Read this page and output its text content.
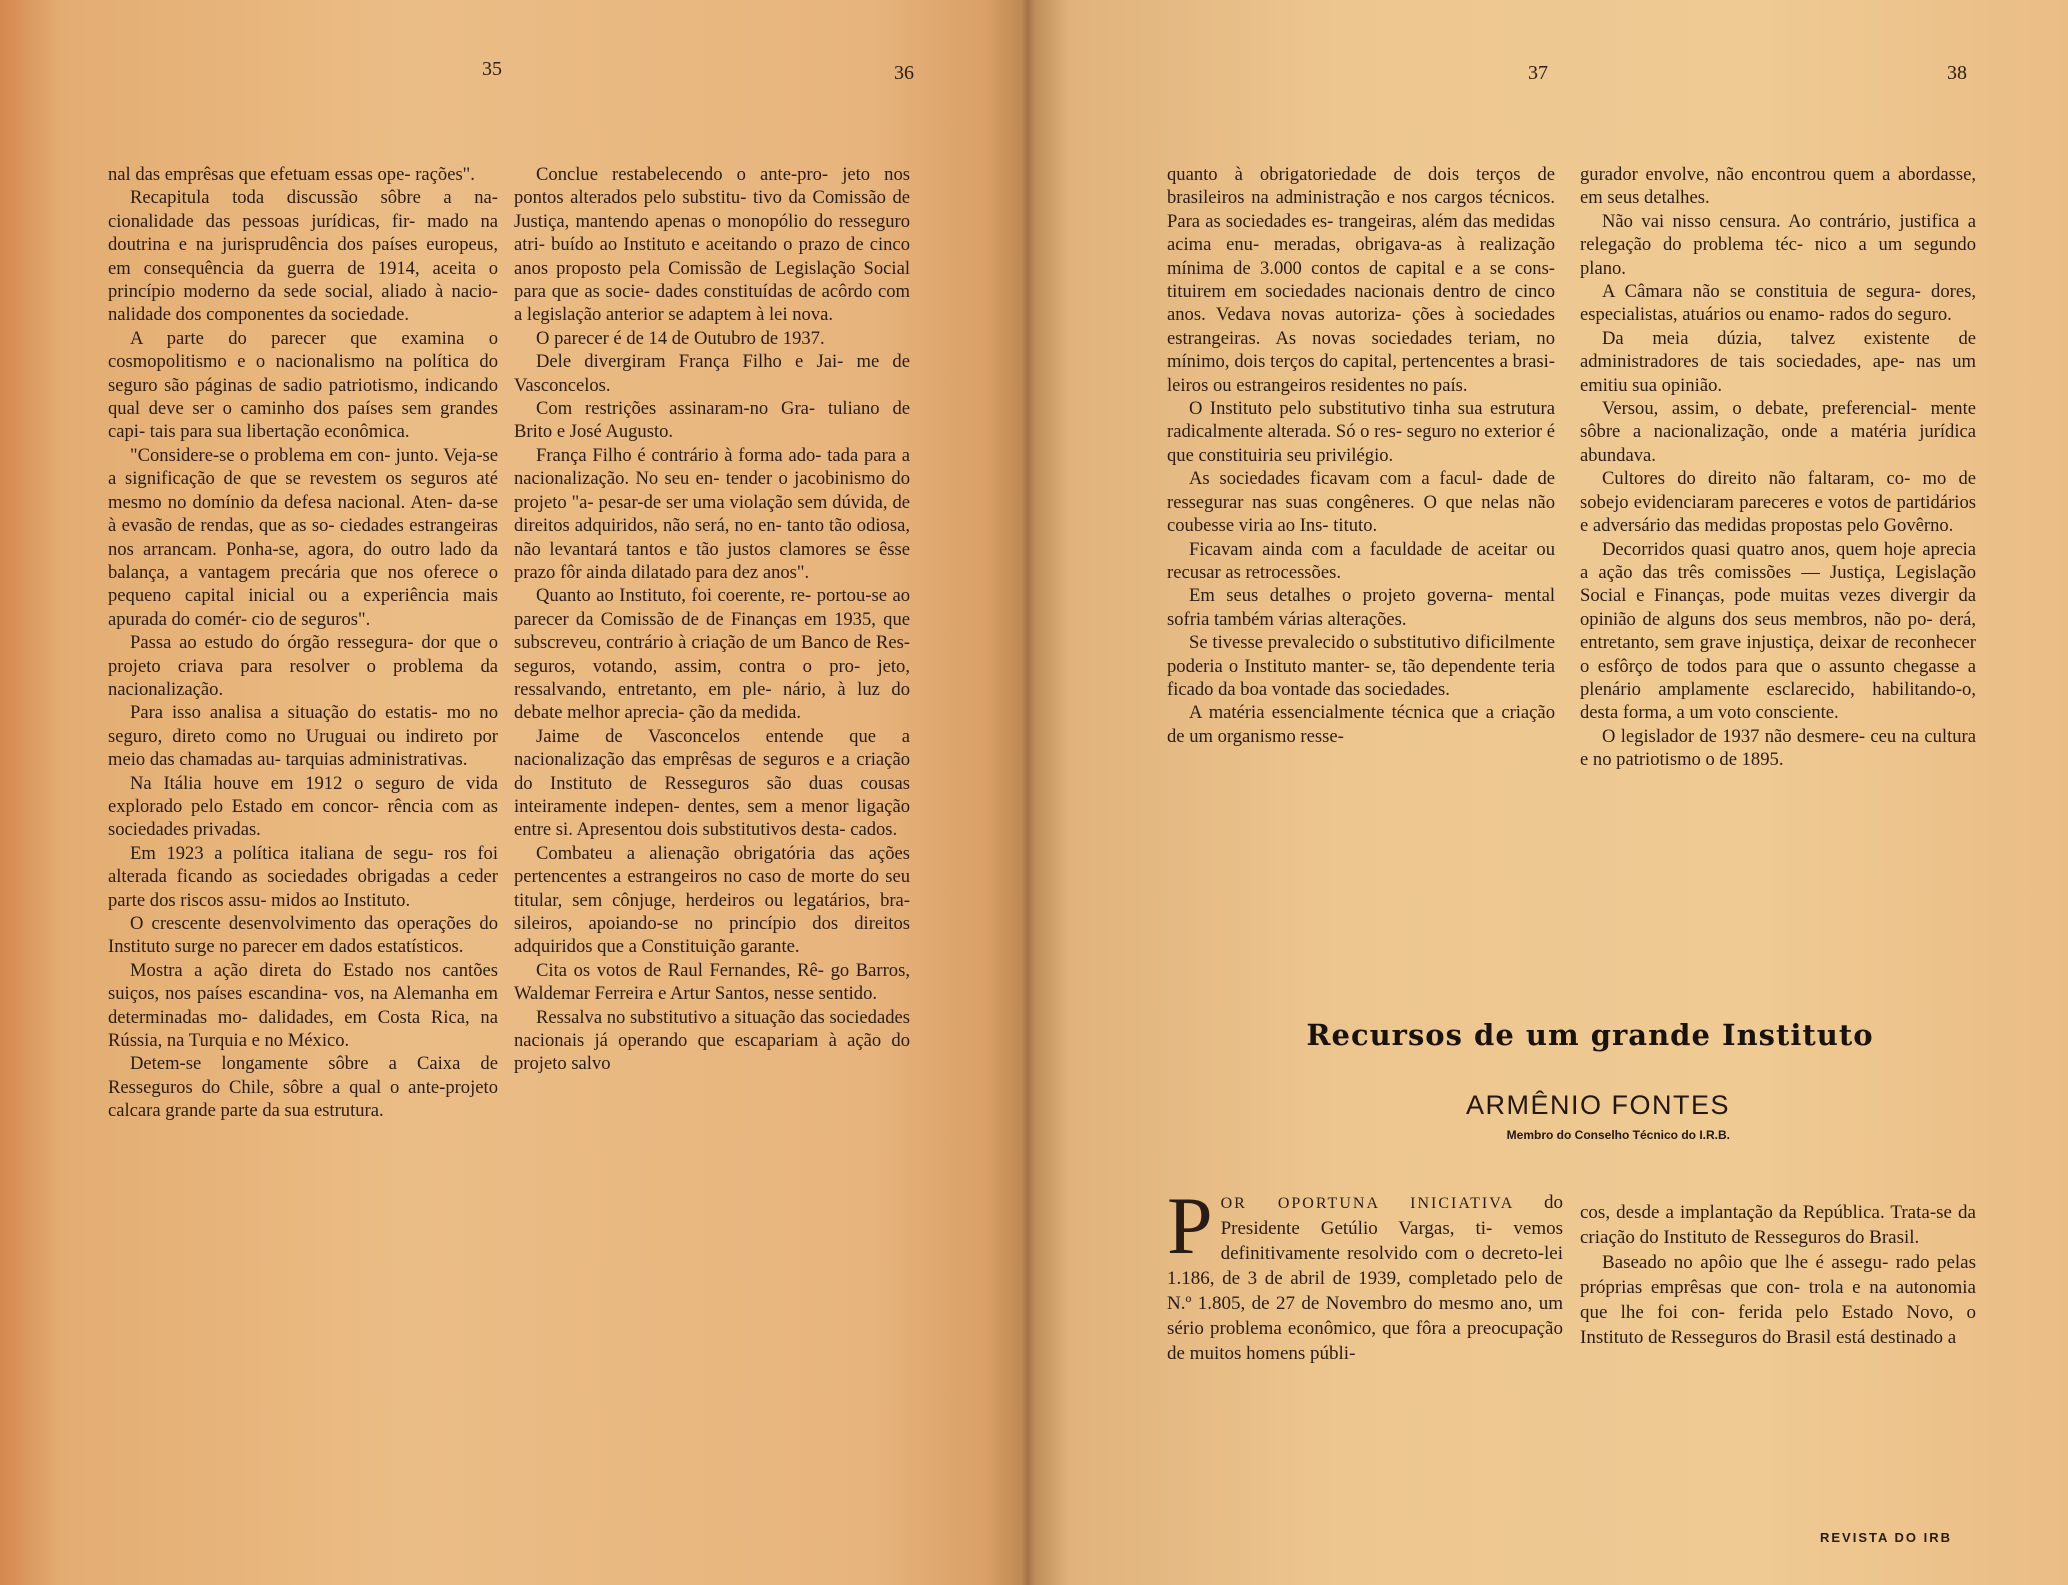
35	36

nal das emprêsas que efetuam essas ope- rações".

Recapitula toda discussão sôbre a na- cionalidade das pessoas jurídicas, fir- mado na doutrina e na jurisprudência dos países europeus, em consequência da guerra de 1914, aceita o princípio moderno da sede social, aliado à nacio- nalidade dos componentes da sociedade.

A parte do parecer que examina o cosmopolitismo e o nacionalismo na política do seguro são páginas de sadio patriotismo, indicando qual deve ser o caminho dos países sem grandes capi- tais para sua libertação econômica.

"Considere-se o problema em con- junto. Veja-se a significação de que se revestem os seguros até mesmo no domínio da defesa nacional. Aten- da-se à evasão de rendas, que as so- ciedades estrangeiras nos arrancam. Ponha-se, agora, do outro lado da balança, a vantagem precária que nos oferece o pequeno capital inicial ou a experiência mais apurada do comér- cio de seguros".

Passa ao estudo do órgão ressegura- dor que o projeto criava para resolver o problema da nacionalização.

Para isso analisa a situação do estatis- mo no seguro, direto como no Uruguai ou indireto por meio das chamadas au- tarquias administrativas.

Na Itália houve em 1912 o seguro de vida explorado pelo Estado em concor- rência com as sociedades privadas.

Em 1923 a política italiana de segu- ros foi alterada ficando as sociedades obrigadas a ceder parte dos riscos assu- midos ao Instituto.

O crescente desenvolvimento das operações do Instituto surge no parecer em dados estatísticos.

Mostra a ação direta do Estado nos cantões suiços, nos países escandina- vos, na Alemanha em determinadas mo- dalidades, em Costa Rica, na Rússia, na Turquia e no México.

Detem-se longamente sôbre a Caixa de Resseguros do Chile, sôbre a qual o ante-projeto calcara grande parte da sua estrutura.

Conclue restabelecendo o ante-pro- jeto nos pontos alterados pelo substitu- tivo da Comissão de Justiça, mantendo apenas o monopólio do resseguro atri- buído ao Instituto e aceitando o prazo de cinco anos proposto pela Comissão de Legislação Social para que as socie- dades constituídas de acôrdo com a legislação anterior se adaptem à lei nova.

O parecer é de 14 de Outubro de 1937.

Dele divergiram França Filho e Jai- me de Vasconcelos.

Com restrições assinaram-no Gra- tuliano de Brito e José Augusto.

França Filho é contrário à forma ado- tada para a nacionalização. No seu en- tender o jacobinismo do projeto "a- pesar-de ser uma violação sem dúvida, de direitos adquiridos, não será, no en- tanto tão odiosa, não levantará tantos e tão justos clamores se êsse prazo fôr ainda dilatado para dez anos".

Quanto ao Instituto, foi coerente, re- portou-se ao parecer da Comissão de de Finanças em 1935, que subscreveu, contrário à criação de um Banco de Res- seguros, votando, assim, contra o pro- jeto, ressalvando, entretanto, em ple- nário, à luz do debate melhor aprecia- ção da medida.

Jaime de Vasconcelos entende que a nacionalização das emprêsas de seguros e a criação do Instituto de Resseguros são duas cousas inteiramente indepen- dentes, sem a menor ligação entre si. Apresentou dois substitutivos desta- cados.

Combateu a alienação obrigatória das ações pertencentes a estrangeiros no caso de morte do seu titular, sem cônjuge, herdeiros ou legatários, bra- sileiros, apoiando-se no princípio dos direitos adquiridos que a Constituição garante.

Cita os votos de Raul Fernandes, Rê- go Barros, Waldemar Ferreira e Artur Santos, nesse sentido.

Ressalva no substitutivo a situação das sociedades nacionais já operando que escapariam à ação do projeto salvo

37	38

quanto à obrigatoriedade de dois terços de brasileiros na administração e nos cargos técnicos. Para as sociedades es- trangeiras, além das medidas acima enu- meradas, obrigava-as à realização mínima de 3.000 contos de capital e a se cons- tituirem em sociedades nacionais dentro de cinco anos. Vedava novas autoriza- ções à sociedades estrangeiras. As novas sociedades teriam, no mínimo, dois terços do capital, pertencentes a brasi- leiros ou estrangeiros residentes no país.

O Instituto pelo substitutivo tinha sua estrutura radicalmente alterada. Só o res- seguro no exterior é que constituiria seu privilégio.

As sociedades ficavam com a facul- dade de ressegurar nas suas congêneres. O que nelas não coubesse viria ao Ins- tituto.

Ficavam ainda com a faculdade de aceitar ou recusar as retrocessões.

Em seus detalhes o projeto governa- mental sofria também várias alterações.

Se tivesse prevalecido o substitutivo dificilmente poderia o Instituto manter- se, tão dependente teria ficado da boa vontade das sociedades.

A matéria essencialmente técnica que a criação de um organismo resse-

gurador envolve, não encontrou quem a abordasse, em seus detalhes.

Não vai nisso censura. Ao contrário, justifica a relegação do problema téc- nico a um segundo plano.

A Câmara não se constituia de segura- dores, especialistas, atuários ou enamo- rados do seguro.

Da meia dúzia, talvez existente de administradores de tais sociedades, ape- nas um emitiu sua opinião.

Versou, assim, o debate, preferencial- mente sôbre a nacionalização, onde a matéria jurídica abundava.

Cultores do direito não faltaram, co- mo de sobejo evidenciaram pareceres e votos de partidários e adversário das medidas propostas pelo Govêrno.

Decorridos quasi quatro anos, quem hoje aprecia a ação das três comissões — Justiça, Legislação Social e Finanças, pode muitas vezes divergir da opinião de alguns dos seus membros, não po- derá, entretanto, sem grave injustiça, deixar de reconhecer o esfôrço de todos para que o assunto chegasse a plenário amplamente esclarecido, habilitando-o, desta forma, a um voto consciente.

O legislador de 1937 não desmere- ceu na cultura e no patriotismo o de 1895.

Recursos de um grande Instituto
ARMÊNIO FONTES
Membro do Conselho Técnico do I.R.B.

POR OPORTUNA INICIATIVA do Presidente Getúlio Vargas, ti- vemos definitivamente resolvido com o decreto-lei 1.186, de 3 de abril de 1939, completado pelo de N.º 1.805, de 27 de Novembro do mesmo ano, um sério problema econômico, que fôra a preocupação de muitos homens públi-

cos, desde a implantação da República. Trata-se da criação do Instituto de Resseguros do Brasil.

Baseado no apôio que lhe é assegu- rado pelas próprias emprêsas que con- trola e na autonomia que lhe foi con- ferida pelo Estado Novo, o Instituto de Resseguros do Brasil está destinado a

REVISTA DO IRB
